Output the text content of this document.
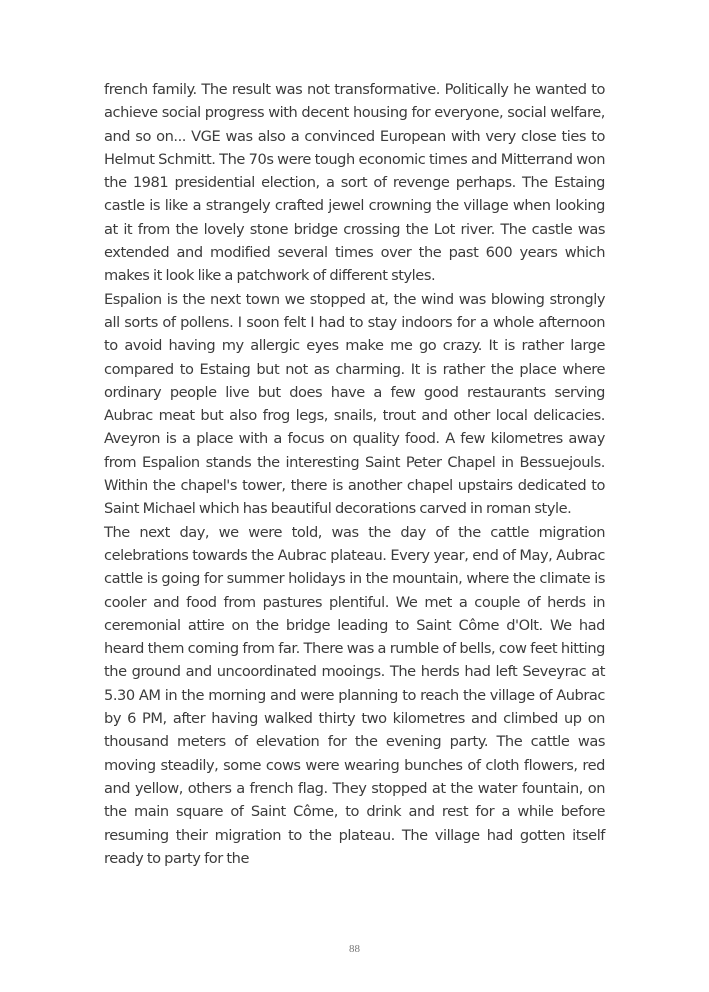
french family. The result was not transformative. Politically he wanted to achieve social progress with decent housing for everyone, social welfare, and so on... VGE was also a convinced European with very close ties to Helmut Schmitt. The 70s were tough economic times and Mitterrand won the 1981 presidential election, a sort of revenge perhaps. The Estaing castle is like a strangely crafted jewel crowning the village when looking at it from the lovely stone bridge crossing the Lot river. The castle was extended and modified several times over the past 600 years which makes it look like a patchwork of different styles.

Espalion is the next town we stopped at, the wind was blowing strongly all sorts of pollens. I soon felt I had to stay indoors for a whole afternoon to avoid having my allergic eyes make me go crazy. It is rather large compared to Estaing but not as charming. It is rather the place where ordinary people live but does have a few good restaurants serving Aubrac meat but also frog legs, snails, trout and other local delicacies. Aveyron is a place with a focus on quality food. A few kilometres away from Espalion stands the interesting Saint Peter Chapel in Bessuejouls. Within the chapel's tower, there is another chapel upstairs dedicated to Saint Michael which has beautiful decorations carved in roman style.

The next day, we were told, was the day of the cattle migration celebrations towards the Aubrac plateau. Every year, end of May, Aubrac cattle is going for summer holidays in the mountain, where the climate is cooler and food from pastures plentiful. We met a couple of herds in ceremonial attire on the bridge leading to Saint Côme d'Olt. We had heard them coming from far. There was a rumble of bells, cow feet hitting the ground and uncoordinated mooings. The herds had left Seveyrac at 5.30 AM in the morning and were planning to reach the village of Aubrac by 6 PM, after having walked thirty two kilometres and climbed up on thousand meters of elevation for the evening party. The cattle was moving steadily, some cows were wearing bunches of cloth flowers, red and yellow, others a french flag. They stopped at the water fountain, on the main square of Saint Côme, to drink and rest for a while before resuming their migration to the plateau. The village had gotten itself ready to party for the

88
